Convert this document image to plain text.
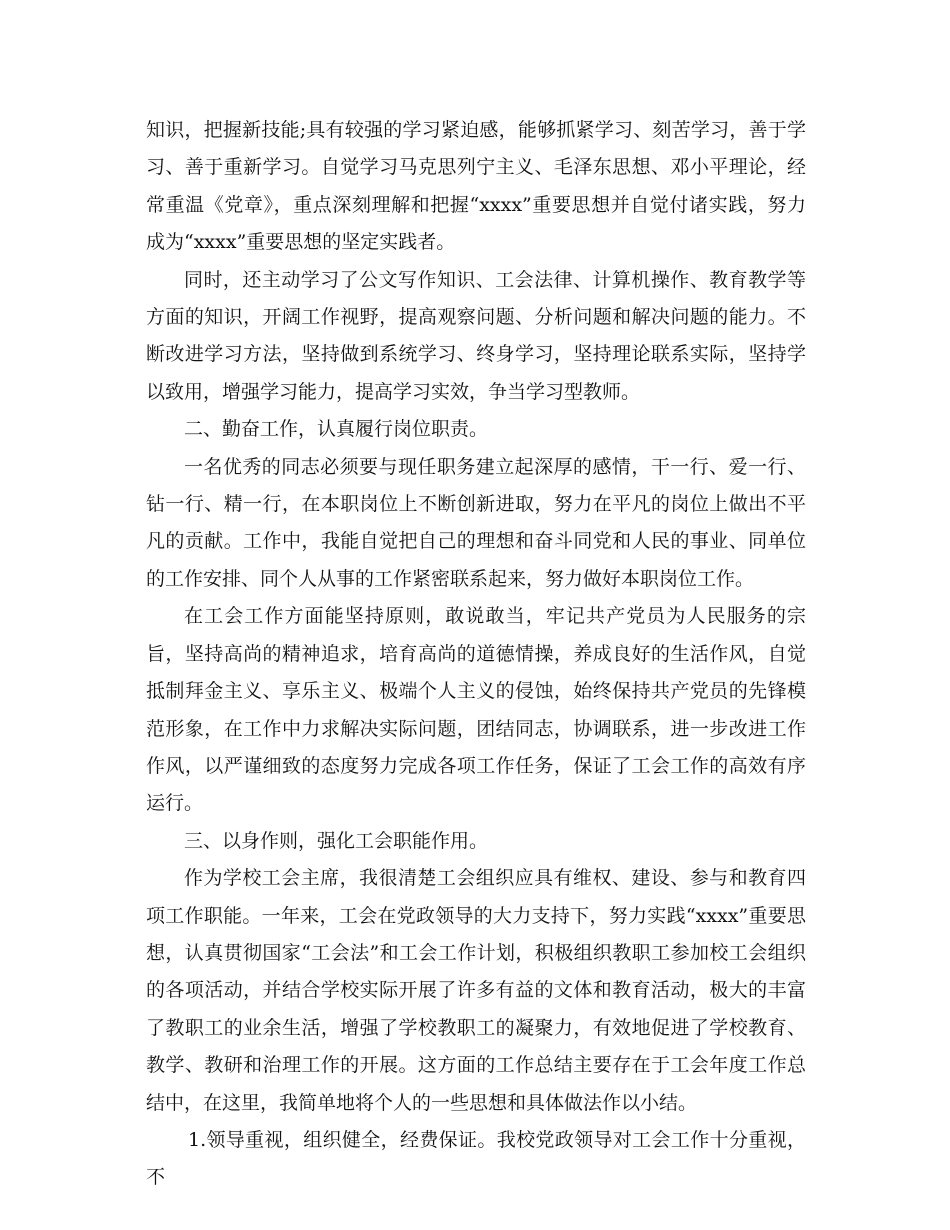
知识，把握新技能;具有较强的学习紧迫感，能够抓紧学习、刻苦学习，善于学习、善于重新学习。自觉学习马克思列宁主义、毛泽东思想、邓小平理论，经常重温《党章》，重点深刻理解和把握“xxxx”重要思想并自觉付诸实践，努力成为“xxxx”重要思想的坚定实践者。

同时，还主动学习了公文写作知识、工会法律、计算机操作、教育教学等方面的知识，开阔工作视野，提高观察问题、分析问题和解决问题的能力。不断改进学习方法，坚持做到系统学习、终身学习，坚持理论联系实际，坚持学以致用，增强学习能力，提高学习实效，争当学习型教师。

二、勤奋工作，认真履行岗位职责。

一名优秀的同志必须要与现任职务建立起深厚的感情，干一行、爱一行、钻一行、精一行，在本职岗位上不断创新进取，努力在平凡的岗位上做出不平凡的贡献。工作中，我能自觉把自己的理想和奋斗同党和人民的事业、同单位的工作安排、同个人从事的工作紧密联系起来，努力做好本职岗位工作。

在工会工作方面能坚持原则，敢说敢当，牢记共产党员为人民服务的宗旨，坚持高尚的精神追求，培育高尚的道德情操，养成良好的生活作风，自觉抵制拜金主义、享乐主义、极端个人主义的侵蚀，始终保持共产党员的先锋模范形象，在工作中力求解决实际问题，团结同志，协调联系，进一步改进工作作风，以严谨细致的态度努力完成各项工作任务，保证了工会工作的高效有序运行。

三、以身作则，强化工会职能作用。

作为学校工会主席，我很清楚工会组织应具有维权、建设、参与和教育四项工作职能。一年来，工会在党政领导的大力支持下，努力实践“xxxx”重要思想，认真贯彻国家“工会法”和工会工作计划，积极组织教职工参加校工会组织的各项活动，并结合学校实际开展了许多有益的文体和教育活动，极大的丰富了教职工的业余生活，增强了学校教职工的凝聚力，有效地促进了学校教育、教学、教研和治理工作的开展。这方面的工作总结主要存在于工会年度工作总结中，在这里，我简单地将个人的一些思想和具体做法作以小结。

1.领导重视，组织健全，经费保证。我校党政领导对工会工作十分重视，不
